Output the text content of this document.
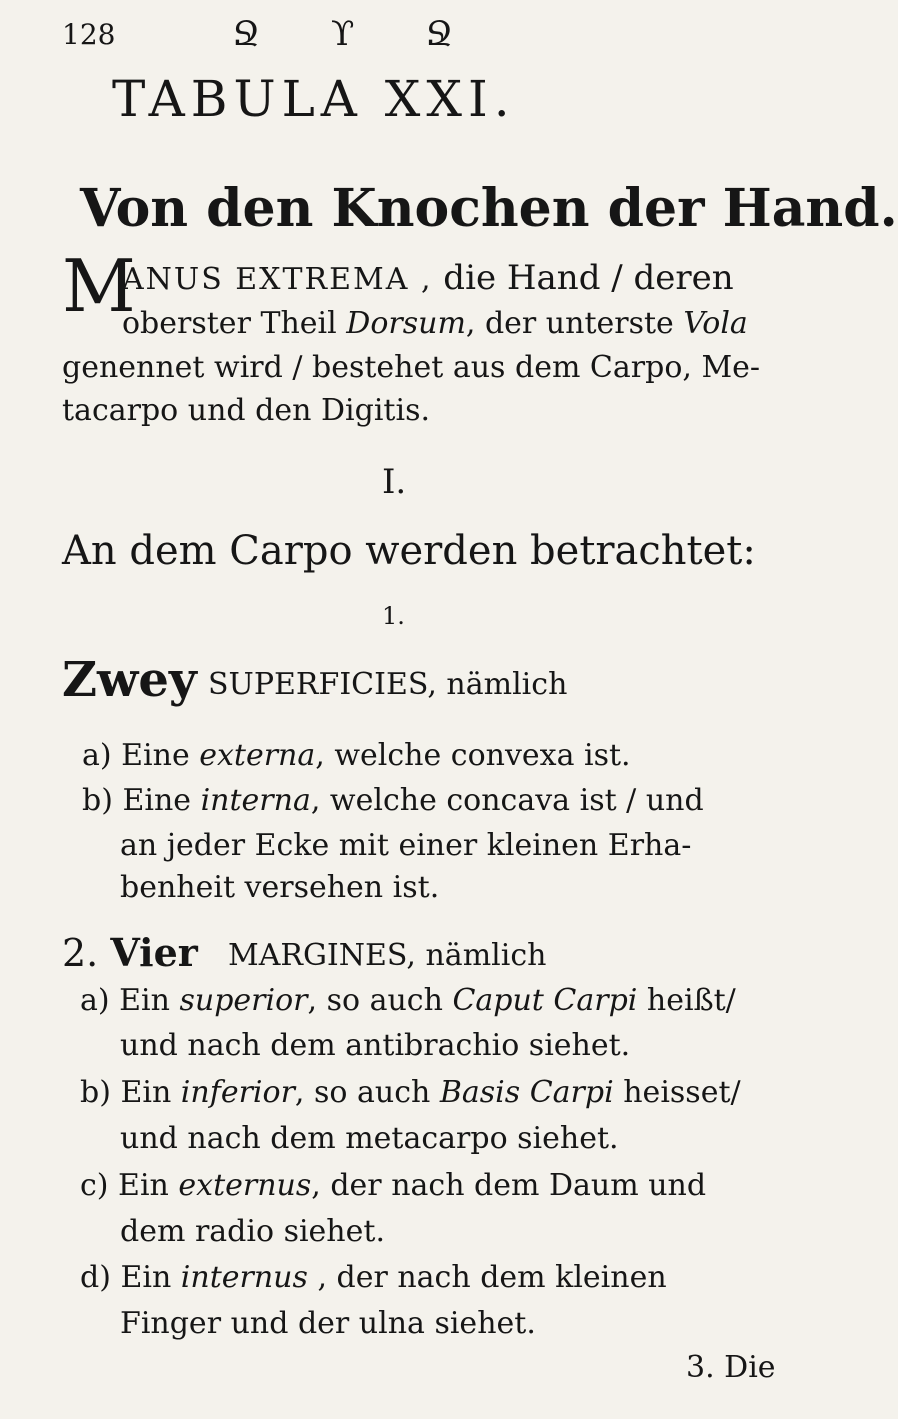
128	Ջ ϒ Ջ
TABULA XXI.
Von den Knochen der Hand.
M
ANUS EXTREMA , die Hand / deren
oberster Theil Dorsum, der unterste Vola
genennet wird / bestehet aus dem Carpo, Me-
tacarpo und den Digitis.
I.
An dem Carpo werden betrachtet:
1.
Zwey SUPERFICIES, nämlich
a) Eine externa, welche convexa ist.
b) Eine interna, welche concava ist / und
an jeder Ecke mit einer kleinen Erha-
benheit versehen ist.
2. Vier MARGINES, nämlich
a) Ein superior, so auch Caput Carpi heißt/
und nach dem antibrachio siehet.
b) Ein inferior, so auch Basis Carpi heisset/
und nach dem metacarpo siehet.
c) Ein externus, der nach dem Daum und
dem radio siehet.
d) Ein internus , der nach dem kleinen
Finger und der ulna siehet.
3. Die
